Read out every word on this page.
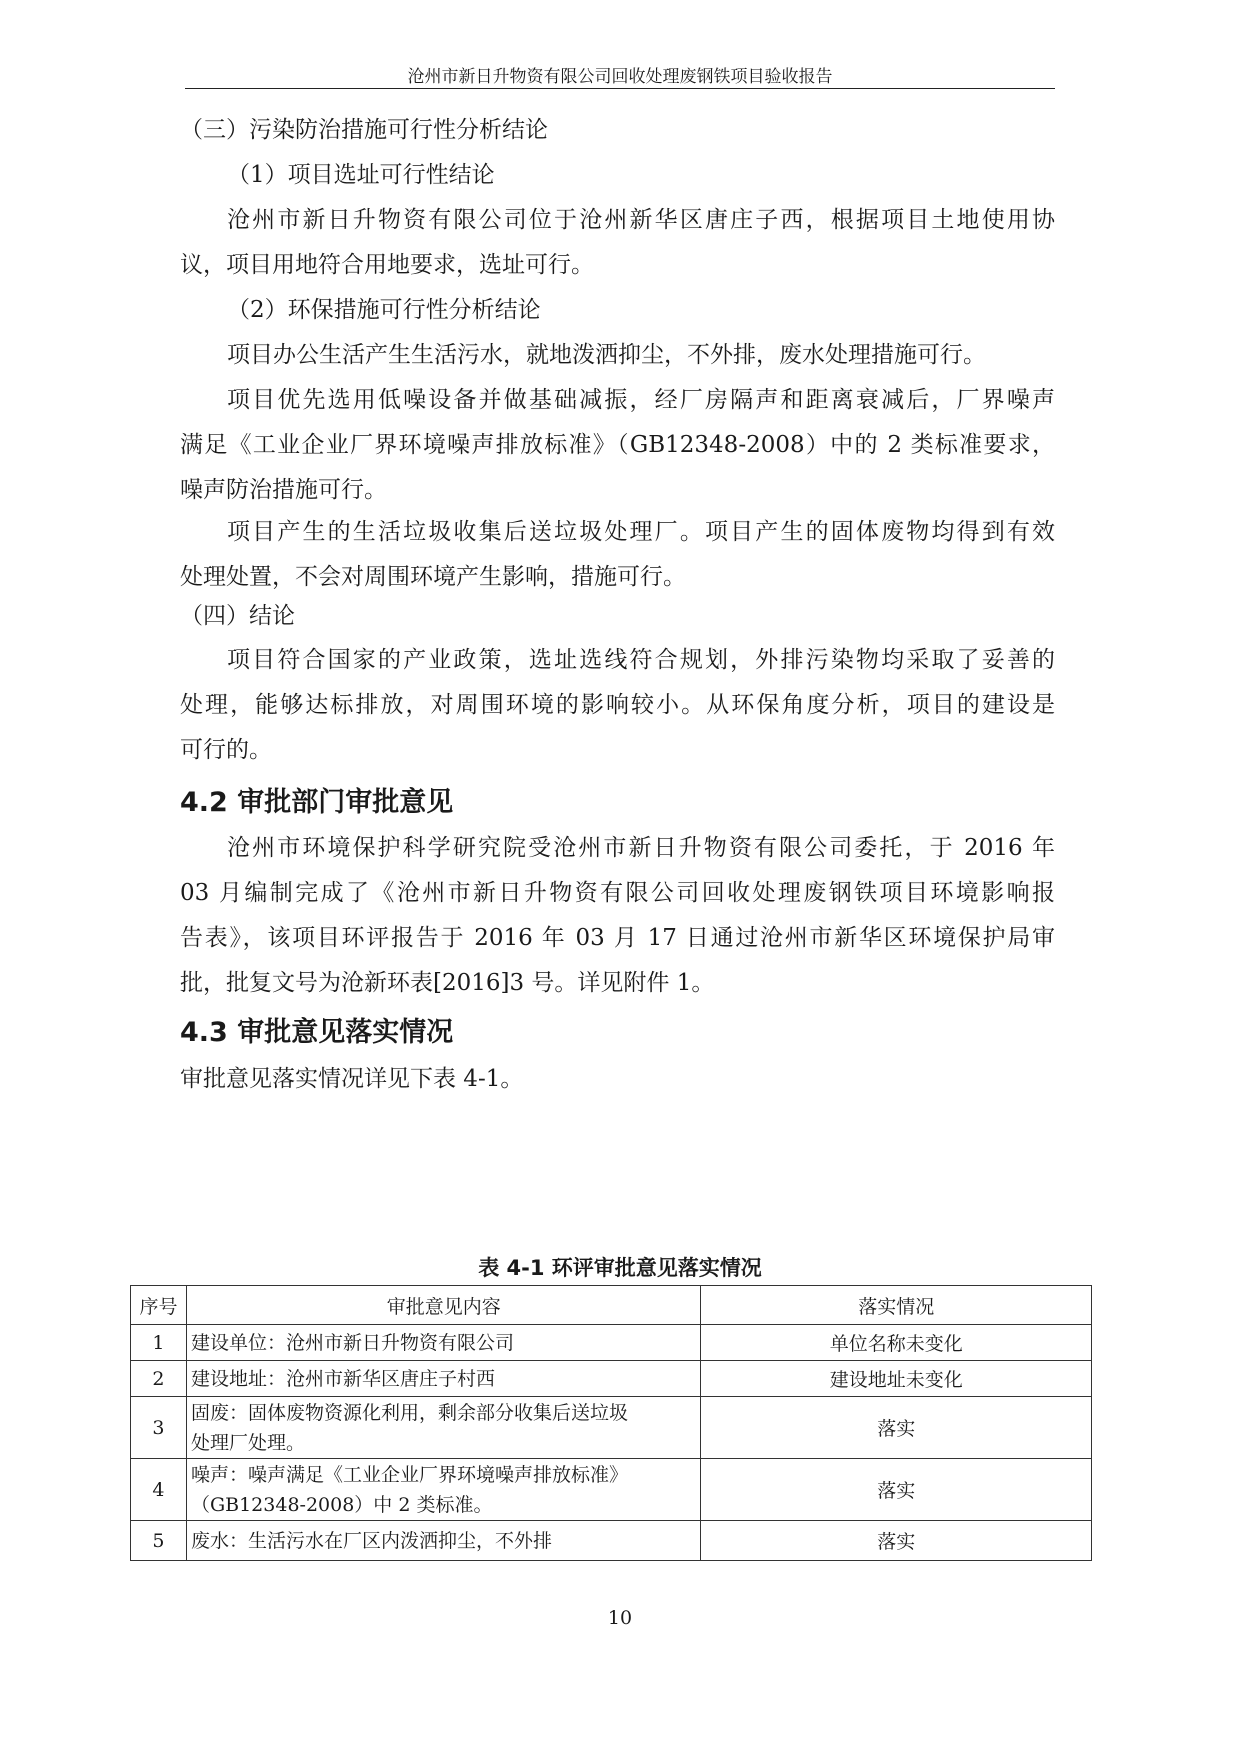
沧州市新日升物资有限公司回收处理废钢铁项目验收报告
（三）污染防治措施可行性分析结论
（1）项目选址可行性结论
沧州市新日升物资有限公司位于沧州新华区唐庄子西，根据项目土地使用协
议，项目用地符合用地要求，选址可行。
（2）环保措施可行性分析结论
项目办公生活产生生活污水，就地泼洒抑尘，不外排，废水处理措施可行。
项目优先选用低噪设备并做基础减振，经厂房隔声和距离衰减后，厂界噪声
满足《工业企业厂界环境噪声排放标准》（GB12348-2008）中的 2 类标准要求，
噪声防治措施可行。
项目产生的生活垃圾收集后送垃圾处理厂。项目产生的固体废物均得到有效
处理处置，不会对周围环境产生影响，措施可行。
（四）结论
项目符合国家的产业政策，选址选线符合规划，外排污染物均采取了妥善的
处理，能够达标排放，对周围环境的影响较小。从环保角度分析，项目的建设是
可行的。
4.2 审批部门审批意见
沧州市环境保护科学研究院受沧州市新日升物资有限公司委托，于 2016 年
03 月编制完成了《沧州市新日升物资有限公司回收处理废钢铁项目环境影响报
告表》，该项目环评报告于 2016 年 03 月 17 日通过沧州市新华区环境保护局审
批，批复文号为沧新环表[2016]3 号。详见附件 1。
4.3 审批意见落实情况
审批意见落实情况详见下表 4-1。
表 4-1 环评审批意见落实情况
序号	审批意见内容	落实情况
1	建设单位：沧州市新日升物资有限公司	单位名称未变化
2	建设地址：沧州市新华区唐庄子村西	建设地址未变化
3	固废：固体废物资源化利用，剩余部分收集后送垃圾
处理厂处理。	落实
4	噪声：噪声满足《工业企业厂界环境噪声排放标准》
（GB12348-2008）中 2 类标准。	落实
5	废水：生活污水在厂区内泼洒抑尘，不外排	落实
10
